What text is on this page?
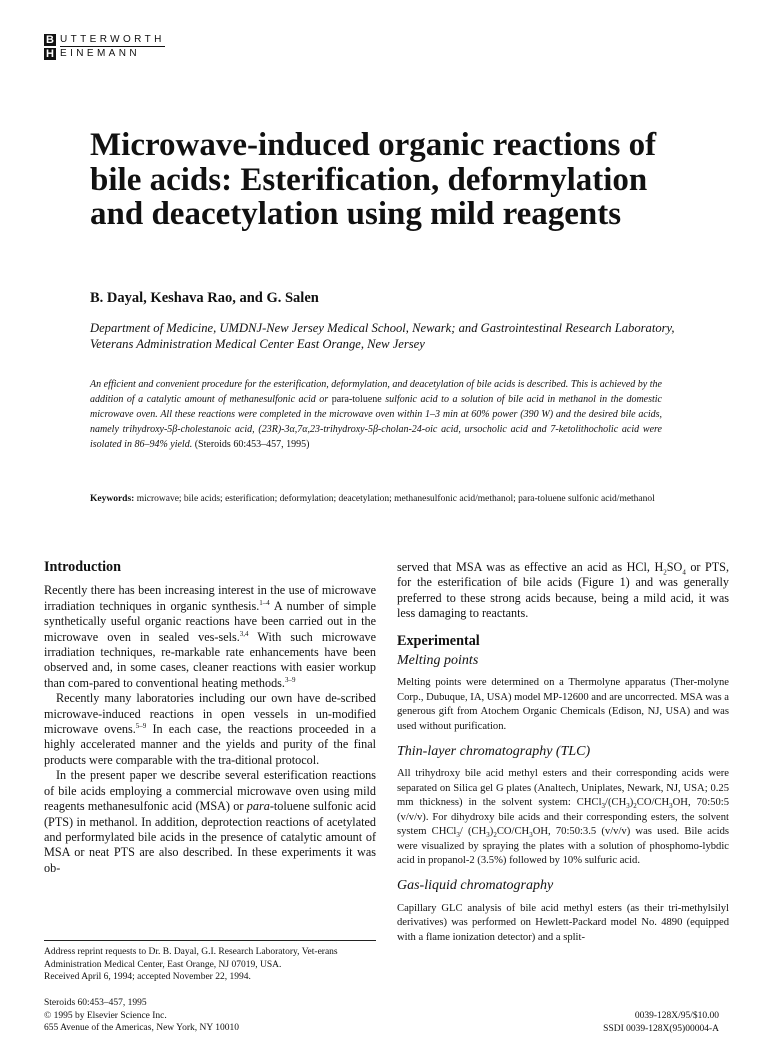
B UTTERWORTH
H EINEMANN
Microwave-induced organic reactions of bile acids: Esterification, deformylation and deacetylation using mild reagents
B. Dayal, Keshava Rao, and G. Salen
Department of Medicine, UMDNJ-New Jersey Medical School, Newark; and Gastrointestinal Research Laboratory, Veterans Administration Medical Center East Orange, New Jersey
An efficient and convenient procedure for the esterification, deformylation, and deacetylation of bile acids is described. This is achieved by the addition of a catalytic amount of methanesulfonic acid or para-toluene sulfonic acid to a solution of bile acid in methanol in the domestic microwave oven. All these reactions were completed in the microwave oven within 1–3 min at 60% power (390 W) and the desired bile acids, namely trihydroxy-5β-cholestanoic acid, (23R)-3α,7α,23-trihydroxy-5β-cholan-24-oic acid, ursocholic acid and 7-ketolithocholic acid were isolated in 86–94% yield. (Steroids 60:453–457, 1995)
Keywords: microwave; bile acids; esterification; deformylation; deacetylation; methanesulfonic acid/methanol; para-toluene sulfonic acid/methanol
Introduction

Recently there has been increasing interest in the use of microwave irradiation techniques in organic synthesis.$^{1-4}$ A number of simple synthetically useful organic reactions have been carried out in the microwave oven in sealed ves-sels.$^{3,4}$ With such microwave irradiation techniques, re-markable rate enhancements have been observed and, in some cases, cleaner reactions with easier workup than com-pared to conventional heating methods.$^{3-9}$

Recently many laboratories including our own have de-scribed microwave-induced reactions in open vessels in un-modified microwave ovens.$^{5-9}$ In each case, the reactions proceeded in a highly accelerated manner and the yields and purity of the final products were comparable with the tra-ditional protocol.

In the present paper we describe several esterification reactions of bile acids employing a commercial microwave oven using mild reagents methanesulfonic acid (MSA) or para-toluene sulfonic acid (PTS) in methanol. In addition, deprotection reactions of acetylated and performylated bile acids in the presence of catalytic amount of MSA or neat PTS are also described. In these experiments it was ob-

served that MSA was as effective an acid as HCl, $H_2SO_4$ or PTS, for the esterification of bile acids (Figure 1) and was generally preferred to these strong acids because, being a mild acid, it was less damaging to reactants.

Experimental
Melting points

Melting points were determined on a Thermolyne apparatus (Ther-molyne Corp., Dubuque, IA, USA) model MP-12600 and are uncorrected. MSA was a generous gift from Atochem Organic Chemicals (Edison, NJ, USA) and was used without purification.

Thin-layer chromatography (TLC)

All trihydroxy bile acid methyl esters and their corresponding acids were separated on Silica gel G plates (Analtech, Uniplates, Newark, NJ, USA; 0.25 mm thickness) in the solvent system: $CHCl_3/(CH_3)_2CO/CH_3OH$, 70:50:5 (v/v/v). For dihydroxy bile acids and their corresponding esters, the solvent system CHCl$_3$/ $(CH_3)_2CO/CH_3OH$, 70:50:3.5 (v/v/v) was used. Bile acids were visualized by spraying the plates with a solution of phosphomo-lybdic acid in propanol-2 (3.5%) followed by 10% sulfuric acid.

Gas-liquid chromatography

Capillary GLC analysis of bile acid methyl esters (as their tri-methylsilyl derivatives) was performed on Hewlett-Packard model No. 4890 (equipped with a flame ionization detector) and a split-

Address reprint requests to Dr. B. Dayal, G.I. Research Laboratory, Vet-erans Administration Medical Center, East Orange, NJ 07019, USA.
Received April 6, 1994; accepted November 22, 1994.
Steroids 60:453–457, 1995
© 1995 by Elsevier Science Inc.
655 Avenue of the Americas, New York, NY 10010
0039-128X/95/$10.00
SSDI 0039-128X(95)00004-A
